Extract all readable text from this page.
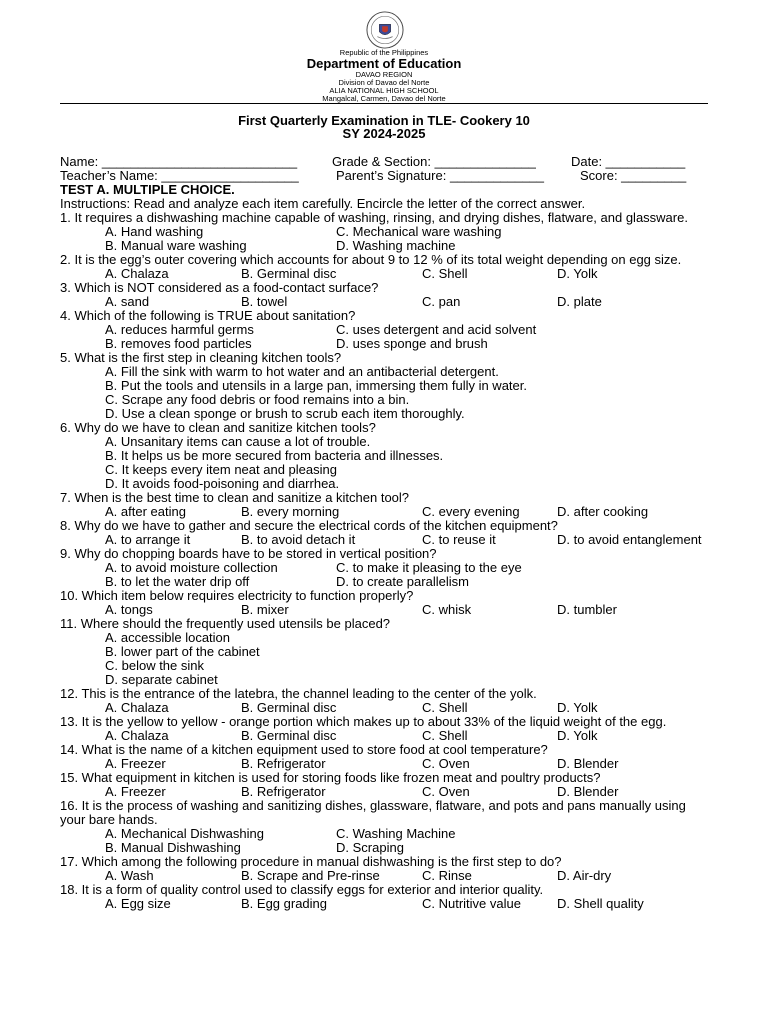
Republic of the Philippines
Department of Education
DAVAO REGION
Division of Davao del Norte
ALIA NATIONAL HIGH SCHOOL
Mangalcal, Carmen, Davao del Norte
First Quarterly Examination in TLE- Cookery 10
SY 2024-2025
Name: ___________________________	Grade & Section: ______________	Date: ___________
Teacher’s Name: ___________________	Parent’s Signature: _____________	Score: _________
TEST A. MULTIPLE CHOICE.
Instructions: Read and analyze each item carefully. Encircle the letter of the correct answer.
1. It requires a dishwashing machine capable of washing, rinsing, and drying dishes, flatware, and glassware.
A. Hand washing	C. Mechanical ware washing
B. Manual ware washing	D. Washing machine
2. It is the egg’s outer covering which accounts for about 9 to 12 % of its total weight depending on egg size.
A. Chalaza	B. Germinal disc	C. Shell	D. Yolk
3. Which is NOT considered as a food-contact surface?
A. sand	B. towel	C. pan	D. plate
4. Which of the following is TRUE about sanitation?
A. reduces harmful germs	C. uses detergent and acid solvent
B. removes food particles	D. uses sponge and brush
5. What is the first step in cleaning kitchen tools?
A. Fill the sink with warm to hot water and an antibacterial detergent.
B. Put the tools and utensils in a large pan, immersing them fully in water.
C. Scrape any food debris or food remains into a bin.
D. Use a clean sponge or brush to scrub each item thoroughly.
6. Why do we have to clean and sanitize kitchen tools?
A. Unsanitary items can cause a lot of trouble.
B. It helps us be more secured from bacteria and illnesses.
C. It keeps every item neat and pleasing
D. It avoids food-poisoning and diarrhea.
7. When is the best time to clean and sanitize a kitchen tool?
A. after eating	B. every morning	C. every evening	D. after cooking
8. Why do we have to gather and secure the electrical cords of the kitchen equipment?
A. to arrange it	B. to avoid detach it	C. to reuse it	D. to avoid entanglement
9. Why do chopping boards have to be stored in vertical position?
A. to avoid moisture collection	C. to make it pleasing to the eye
B. to let the water drip off	D. to create parallelism
10. Which item below requires electricity to function properly?
A. tongs	B. mixer	C. whisk	D. tumbler
11. Where should the frequently used utensils be placed?
A. accessible location
B. lower part of the cabinet
C. below the sink
D. separate cabinet
12. This is the entrance of the latebra, the channel leading to the center of the yolk.
A. Chalaza	B. Germinal disc	C. Shell	D. Yolk
13. It is the yellow to yellow - orange portion which makes up to about 33% of the liquid weight of the egg.
A. Chalaza	B. Germinal disc	C. Shell	D. Yolk
14. What is the name of a kitchen equipment used to store food at cool temperature?
A. Freezer	B. Refrigerator	C. Oven	D. Blender
15. What equipment in kitchen is used for storing foods like frozen meat and poultry products?
A. Freezer	B. Refrigerator	C. Oven	D. Blender
16. It is the process of washing and sanitizing dishes, glassware, flatware, and pots and pans manually using your bare hands.
A. Mechanical Dishwashing	C. Washing Machine
B. Manual Dishwashing	D. Scraping
17. Which among the following procedure in manual dishwashing is the first step to do?
A. Wash	B. Scrape and Pre-rinse	C. Rinse	D. Air-dry
18. It is a form of quality control used to classify eggs for exterior and interior quality.
A. Egg size	B. Egg grading	C. Nutritive value	D. Shell quality
